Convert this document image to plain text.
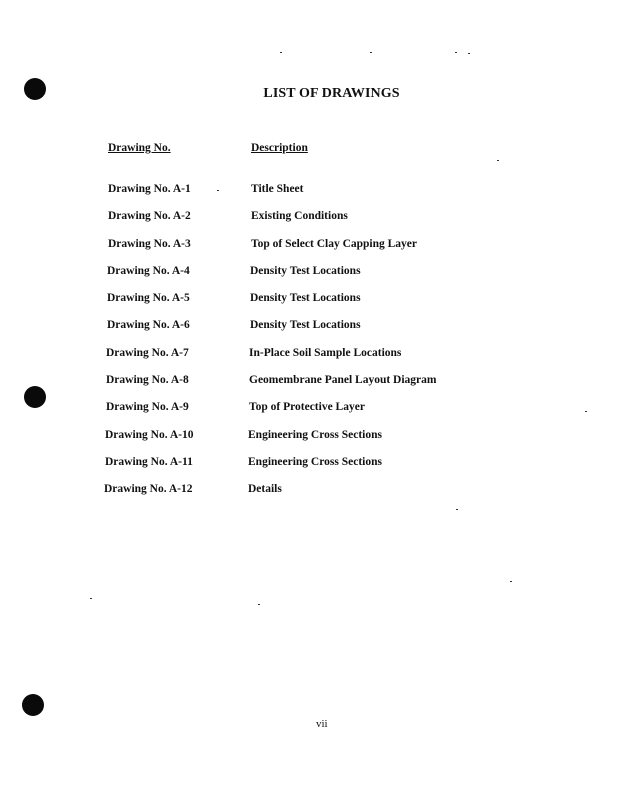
LIST OF DRAWINGS
Drawing No.	Description
Drawing No. A-1	Title Sheet
Drawing No. A-2	Existing Conditions
Drawing No. A-3	Top of Select Clay Capping Layer
Drawing No. A-4	Density Test Locations
Drawing No. A-5	Density Test Locations
Drawing No. A-6	Density Test Locations
Drawing No. A-7	In-Place Soil Sample Locations
Drawing No. A-8	Geomembrane Panel Layout Diagram
Drawing No. A-9	Top of Protective Layer
Drawing No. A-10	Engineering Cross Sections
Drawing No. A-11	Engineering Cross Sections
Drawing No. A-12	Details
vii
